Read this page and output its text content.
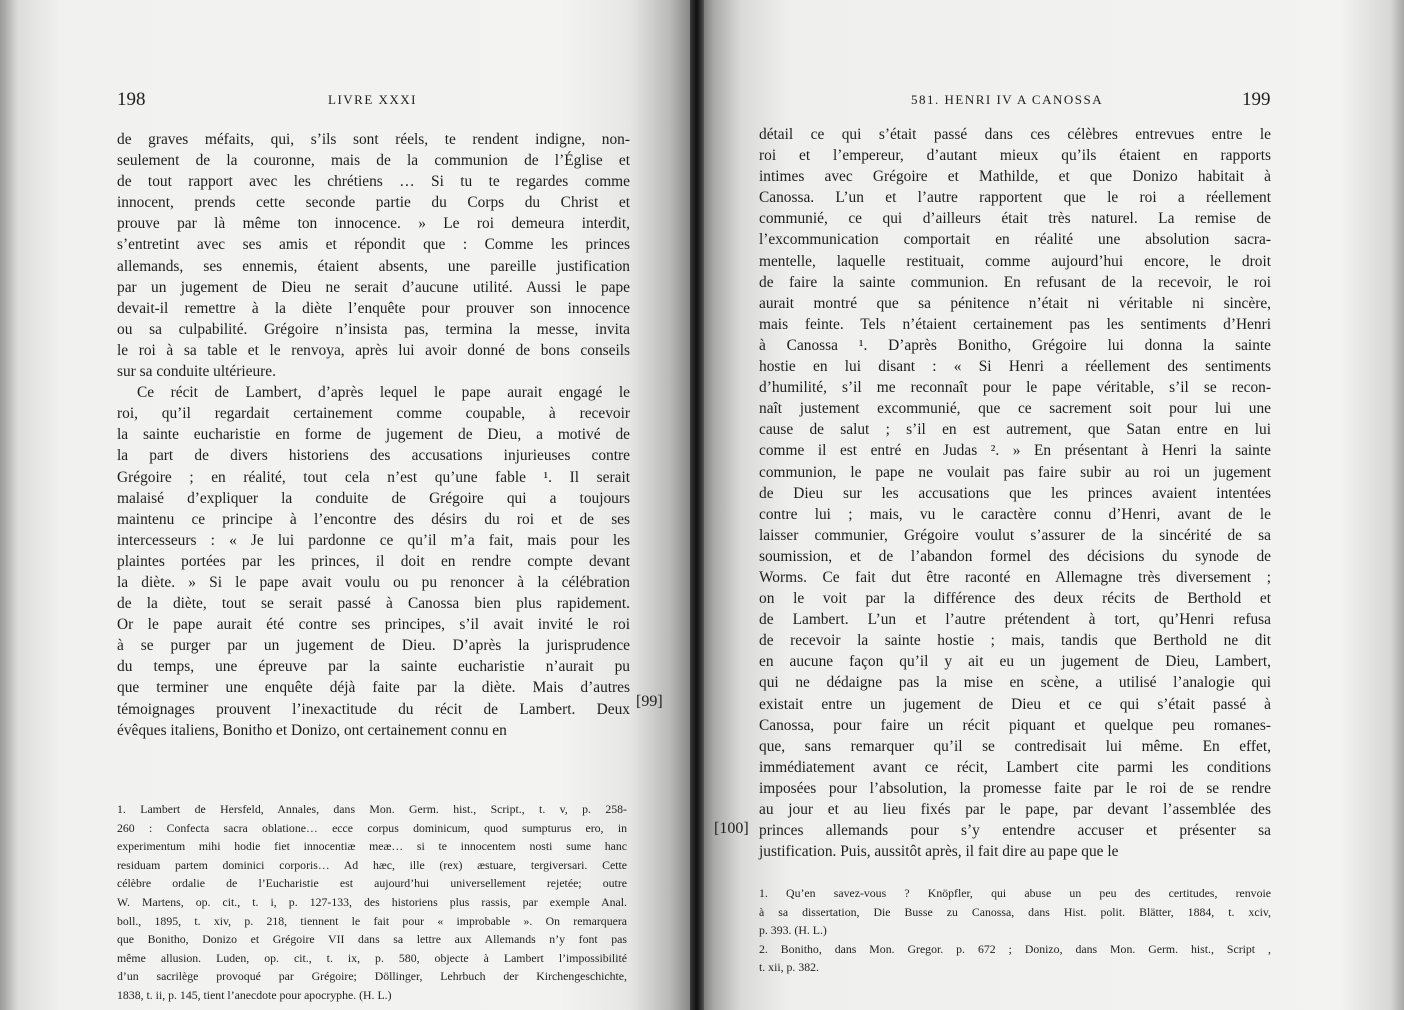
198	LIVRE XXXI
de graves méfaits, qui, s’ils sont réels, te rendent indigne, non-
seulement de la couronne, mais de la communion de l’Église et
de tout rapport avec les chrétiens … Si tu te regardes comme
innocent, prends cette seconde partie du Corps du Christ et
prouve par là même ton innocence. » Le roi demeura interdit,
s’entretint avec ses amis et répondit que : Comme les princes
allemands, ses ennemis, étaient absents, une pareille justification
par un jugement de Dieu ne serait d’aucune utilité. Aussi le pape
devait-il remettre à la diète l’enquête pour prouver son innocence
ou sa culpabilité. Grégoire n’insista pas, termina la messe, invita
le roi à sa table et le renvoya, après lui avoir donné de bons conseils
sur sa conduite ultérieure.
Ce récit de Lambert, d’après lequel le pape aurait engagé le
roi, qu’il regardait certainement comme coupable, à recevoir
la sainte eucharistie en forme de jugement de Dieu, a motivé de
la part de divers historiens des accusations injurieuses contre
Grégoire ; en réalité, tout cela n’est qu’une fable ¹. Il serait
malaisé d’expliquer la conduite de Grégoire qui a toujours
maintenu ce principe à l’encontre des désirs du roi et de ses
intercesseurs : « Je lui pardonne ce qu’il m’a fait, mais pour les
plaintes portées par les princes, il doit en rendre compte devant
la diète. » Si le pape avait voulu ou pu renoncer à la célébration
de la diète, tout se serait passé à Canossa bien plus rapidement.
Or le pape aurait été contre ses principes, s’il avait invité le roi
à se purger par un jugement de Dieu. D’après la jurisprudence
du temps, une épreuve par la sainte eucharistie n’aurait pu
que terminer une enquête déjà faite par la diète. Mais d’autres
témoignages prouvent l’inexactitude du récit de Lambert. Deux
évêques italiens, Bonitho et Donizo, ont certainement connu en
1. Lambert de Hersfeld, Annales, dans Mon. Germ. hist., Script., t. v, p. 258-
260 : Confecta sacra oblatione… ecce corpus dominicum, quod sumpturus ero, in
experimentum mihi hodie fiet innocentiæ meæ… si te innocentem nosti sume hanc
residuam partem dominici corporis… Ad hæc, ille (rex) æstuare, tergiversari. Cette
célèbre ordalie de l’Eucharistie est aujourd’hui universellement rejetée; outre
W. Martens, op. cit., t. i, p. 127-133, des historiens plus rassis, par exemple Anal.
boll., 1895, t. xiv, p. 218, tiennent le fait pour « improbable ». On remarquera
que Bonitho, Donizo et Grégoire VII dans sa lettre aux Allemands n’y font pas
même allusion. Luden, op. cit., t. ix, p. 580, objecte à Lambert l’impossibilité
d’un sacrilège provoqué par Grégoire; Döllinger, Lehrbuch der Kirchengeschichte,
1838, t. ii, p. 145, tient l’anecdote pour apocryphe. (H. L.)
[99]
581. HENRI IV A CANOSSA	199
détail ce qui s’était passé dans ces célèbres entrevues entre le
roi et l’empereur, d’autant mieux qu’ils étaient en rapports
intimes avec Grégoire et Mathilde, et que Donizo habitait à
Canossa. L’un et l’autre rapportent que le roi a réellement
communié, ce qui d’ailleurs était très naturel. La remise de
l’excommunication comportait en réalité une absolution sacra-
mentelle, laquelle restituait, comme aujourd’hui encore, le droit
de faire la sainte communion. En refusant de la recevoir, le roi
aurait montré que sa pénitence n’était ni véritable ni sincère,
mais feinte. Tels n’étaient certainement pas les sentiments d’Henri
à Canossa ¹. D’après Bonitho, Grégoire lui donna la sainte
hostie en lui disant : « Si Henri a réellement des sentiments
d’humilité, s’il me reconnaît pour le pape véritable, s’il se recon-
naît justement excommunié, que ce sacrement soit pour lui une
cause de salut ; s’il en est autrement, que Satan entre en lui
comme il est entré en Judas ². » En présentant à Henri la sainte
communion, le pape ne voulait pas faire subir au roi un jugement
de Dieu sur les accusations que les princes avaient intentées
contre lui ; mais, vu le caractère connu d’Henri, avant de le
laisser communier, Grégoire voulut s’assurer de la sincérité de sa
soumission, et de l’abandon formel des décisions du synode de
Worms. Ce fait dut être raconté en Allemagne très diversement ;
on le voit par la différence des deux récits de Berthold et
de Lambert. L’un et l’autre prétendent à tort, qu’Henri refusa
de recevoir la sainte hostie ; mais, tandis que Berthold ne dit
en aucune façon qu’il y ait eu un jugement de Dieu, Lambert,
qui ne dédaigne pas la mise en scène, a utilisé l’analogie qui
existait entre un jugement de Dieu et ce qui s’était passé à
Canossa, pour faire un récit piquant et quelque peu romanes-
que, sans remarquer qu’il se contredisait lui même. En effet,
immédiatement avant ce récit, Lambert cite parmi les conditions
imposées pour l’absolution, la promesse faite par le roi de se rendre
au jour et au lieu fixés par le pape, par devant l’assemblée des
princes allemands pour s’y entendre accuser et présenter sa
justification. Puis, aussitôt après, il fait dire au pape que le
1. Qu’en savez-vous ? Knöpfler, qui abuse un peu des certitudes, renvoie
à sa dissertation, Die Busse zu Canossa, dans Hist. polit. Blätter, 1884, t. xciv,
p. 393. (H. L.)
2. Bonitho, dans Mon. Gregor. p. 672 ; Donizo, dans Mon. Germ. hist., Script ,
t. xii, p. 382.
[100]
